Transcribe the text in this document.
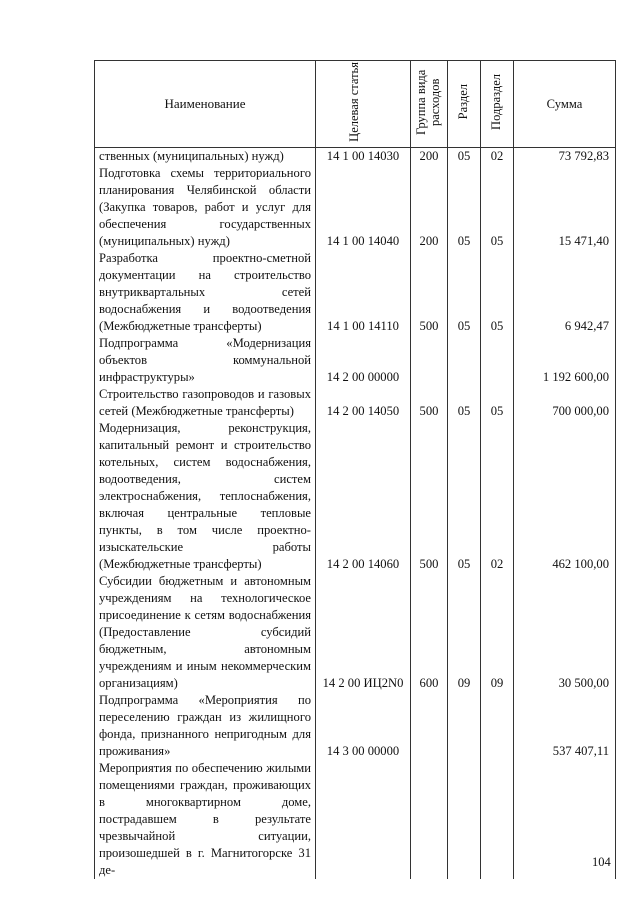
Наименование	Целевая статья	Группа вида расходов	Раздел	Подраздел	Сумма
ственных (муниципальных) нужд)	14 1 00 14030	200	05	02	73 792,83
Подготовка схемы территориального планирования Челябинской области (Закупка товаров, работ и услуг для обеспечения государственных (муниципальных) нужд)	14 1 00 14040	200	05	05	15 471,40
Разработка проектно-сметной документации на строительство внутриквартальных сетей водоснабжения и водоотведения (Межбюджетные трансферты)	14 1 00 14110	500	05	05	6 942,47
Подпрограмма «Модернизация объектов коммунальной инфраструктуры»	14 2 00 00000				1 192 600,00
Строительство газопроводов и газовых сетей (Межбюджетные трансферты)	14 2 00 14050	500	05	05	700 000,00
Модернизация, реконструкция, капитальный ремонт и строительство котельных, систем водоснабжения, водоотведения, систем электроснабжения, теплоснабжения, включая центральные тепловые пункты, в том числе проектно-изыскательские работы (Межбюджетные трансферты)	14 2 00 14060	500	05	02	462 100,00
Субсидии бюджетным и автономным учреждениям на технологическое присоединение к сетям водоснабжения (Предоставление субсидий бюджетным, автономным учреждениям и иным некоммерческим организациям)	14 2 00 ИЦ2N0	600	09	09	30 500,00
Подпрограмма «Мероприятия по переселению граждан из жилищного фонда, признанного непригодным для проживания»	14 3 00 00000				537 407,11
Мероприятия по обеспечению жилыми помещениями граждан, проживающих в многоквартирном доме, пострадавшем в результате чрезвычайной ситуации, произошедшей в г. Магнитогорске 31 де-					
104
